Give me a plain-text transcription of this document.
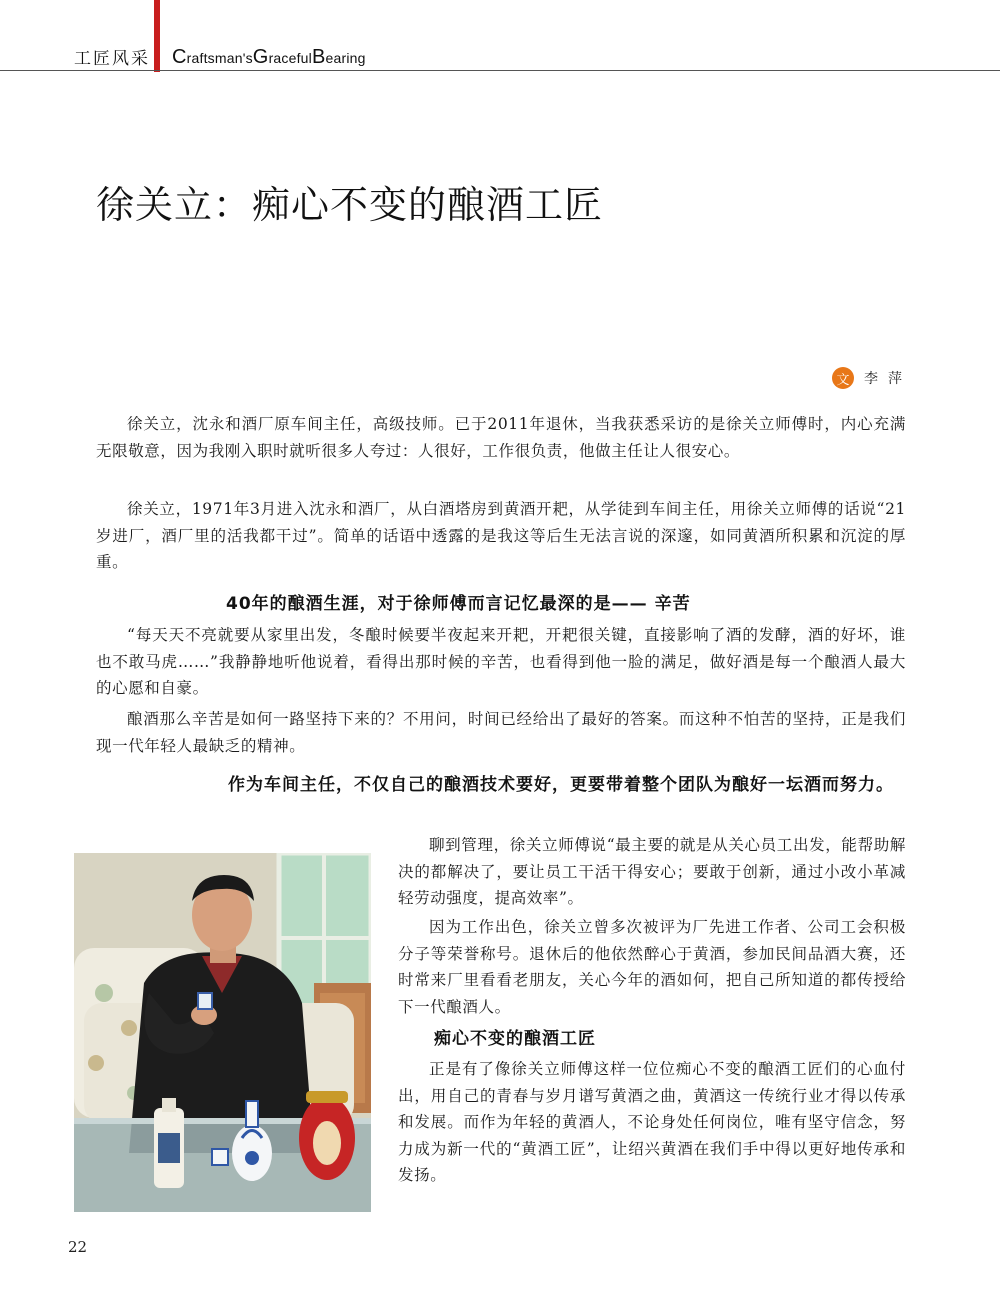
工匠风采 Craftsman'sGracefulBearing
徐关立：痴心不变的酿酒工匠
文	李萍
徐关立，沈永和酒厂原车间主任，高级技师。已于2011年退休，当我获悉采访的是徐关立师傅时，内心充满无限敬意，因为我刚入职时就听很多人夸过：人很好，工作很负责，他做主任让人很安心。
徐关立，1971年3月进入沈永和酒厂，从白酒塔房到黄酒开耙，从学徒到车间主任，用徐关立师傅的话说“21岁进厂，酒厂里的活我都干过”。简单的话语中透露的是我这等后生无法言说的深邃，如同黄酒所积累和沉淀的厚重。
40年的酿酒生涯，对于徐师傅而言记忆最深的是—— 辛苦
“每天天不亮就要从家里出发，冬酿时候要半夜起来开耙，开耙很关键，直接影响了酒的发酵，酒的好坏，谁也不敢马虎……”我静静地听他说着，看得出那时候的辛苦，也看得到他一脸的满足，做好酒是每一个酿酒人最大的心愿和自豪。
酿酒那么辛苦是如何一路坚持下来的？不用问，时间已经给出了最好的答案。而这种不怕苦的坚持，正是我们现一代年轻人最缺乏的精神。
作为车间主任，不仅自己的酿酒技术要好，更要带着整个团队为酿好一坛酒而努力。
聊到管理，徐关立师傅说“最主要的就是从关心员工出发，能帮助解决的都解决了，要让员工干活干得安心；要敢于创新，通过小改小革减轻劳动强度，提高效率”。
因为工作出色，徐关立曾多次被评为厂先进工作者、公司工会积极分子等荣誉称号。退休后的他依然醉心于黄酒，参加民间品酒大赛，还时常来厂里看看老朋友，关心今年的酒如何，把自己所知道的都传授给下一代酿酒人。
痴心不变的酿酒工匠
正是有了像徐关立师傅这样一位位痴心不变的酿酒工匠们的心血付出，用自己的青春与岁月谱写黄酒之曲，黄酒这一传统行业才得以传承和发展。而作为年轻的黄酒人，不论身处任何岗位，唯有坚守信念，努力成为新一代的“黄酒工匠”，让绍兴黄酒在我们手中得以更好地传承和发扬。
22
